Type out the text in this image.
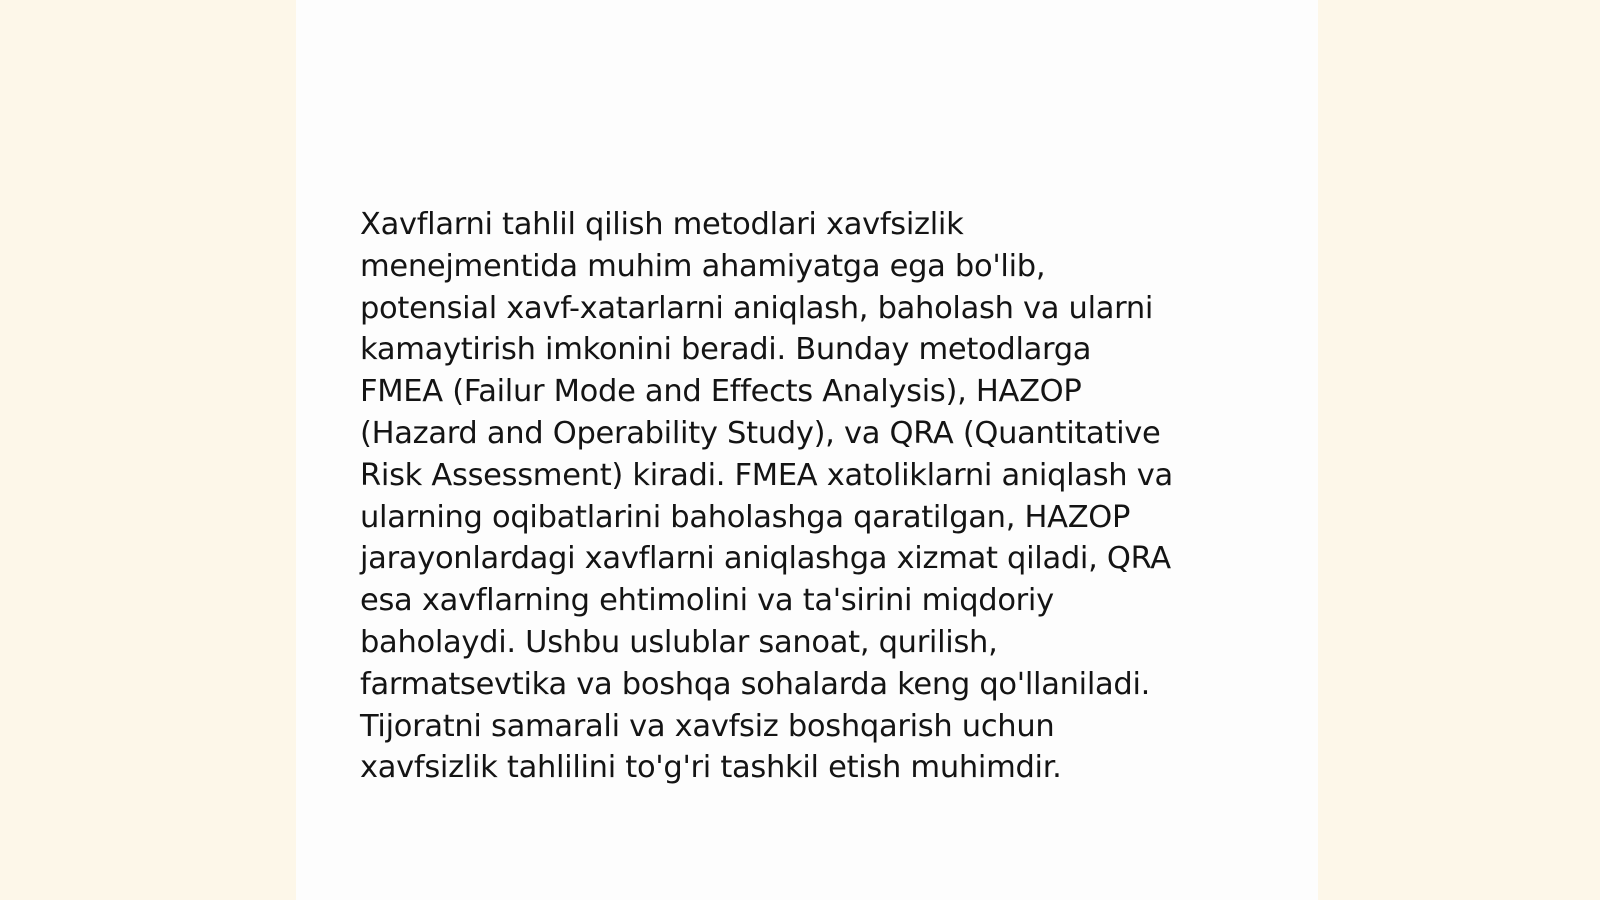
Xavflarni tahlil qilish metodlari xavfsizlik
menejmentida muhim ahamiyatga ega bo'lib,
potensial xavf-xatarlarni aniqlash, baholash va ularni
kamaytirish imkonini beradi. Bunday metodlarga
FMEA (Failur Mode and Effects Analysis), HAZOP
(Hazard and Operability Study), va QRA (Quantitative
Risk Assessment) kiradi. FMEA xatoliklarni aniqlash va
ularning oqibatlarini baholashga qaratilgan, HAZOP
jarayonlardagi xavflarni aniqlashga xizmat qiladi, QRA
esa xavflarning ehtimolini va ta'sirini miqdoriy
baholaydi. Ushbu uslublar sanoat, qurilish,
farmatsevtika va boshqa sohalarda keng qo'llaniladi.
Tijoratni samarali va xavfsiz boshqarish uchun
xavfsizlik tahlilini to'g'ri tashkil etish muhimdir.
